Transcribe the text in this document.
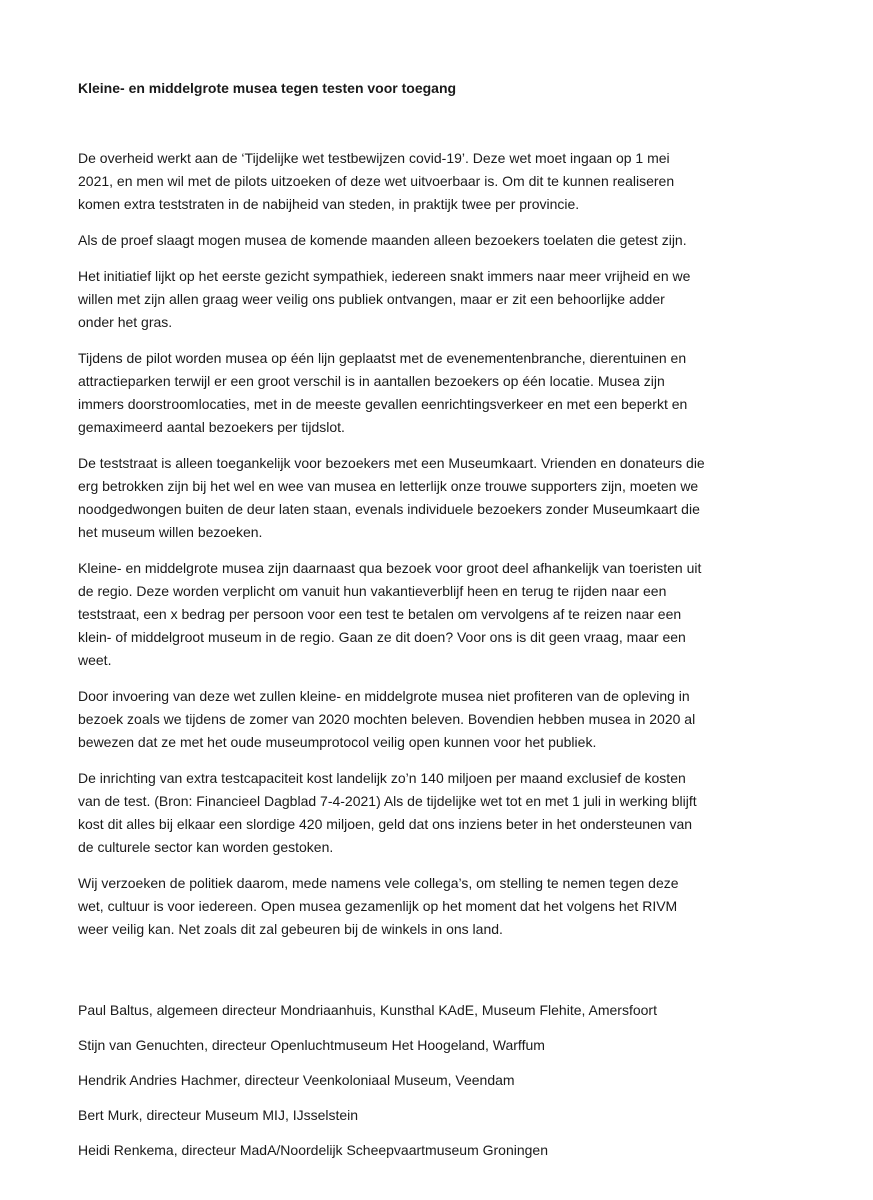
Kleine- en middelgrote musea tegen testen voor toegang

De overheid werkt aan de ‘Tijdelijke wet testbewijzen covid-19’. Deze wet moet ingaan op 1 mei
2021, en men wil met de pilots uitzoeken of deze wet uitvoerbaar is. Om dit te kunnen realiseren
komen extra teststraten in de nabijheid van steden, in praktijk twee per provincie.

Als de proef slaagt mogen musea de komende maanden alleen bezoekers toelaten die getest zijn.

Het initiatief lijkt op het eerste gezicht sympathiek, iedereen snakt immers naar meer vrijheid en we
willen met zijn allen graag weer veilig ons publiek ontvangen, maar er zit een behoorlijke adder
onder het gras.

Tijdens de pilot worden musea op één lijn geplaatst met de evenementenbranche, dierentuinen en
attractieparken terwijl er een groot verschil is in aantallen bezoekers op één locatie. Musea zijn
immers doorstroomlocaties, met in de meeste gevallen eenrichtingsverkeer en met een beperkt en
gemaximeerd aantal bezoekers per tijdslot.

De teststraat is alleen toegankelijk voor bezoekers met een Museumkaart. Vrienden en donateurs die
erg betrokken zijn bij het wel en wee van musea en letterlijk onze trouwe supporters zijn, moeten we
noodgedwongen buiten de deur laten staan, evenals individuele bezoekers zonder Museumkaart die
het museum willen bezoeken.

Kleine- en middelgrote musea zijn daarnaast qua bezoek voor groot deel afhankelijk van toeristen uit
de regio. Deze worden verplicht om vanuit hun vakantieverblijf heen en terug te rijden naar een
teststraat, een x bedrag per persoon voor een test te betalen om vervolgens af te reizen naar een
klein- of middelgroot museum in de regio. Gaan ze dit doen? Voor ons is dit geen vraag, maar een
weet.

Door invoering van deze wet zullen kleine- en middelgrote musea niet profiteren van de opleving in
bezoek zoals we tijdens de zomer van 2020 mochten beleven. Bovendien hebben musea in 2020 al
bewezen dat ze met het oude museumprotocol veilig open kunnen voor het publiek.

De inrichting van extra testcapaciteit kost landelijk zo’n 140 miljoen per maand exclusief de kosten
van de test. (Bron: Financieel Dagblad 7-4-2021) Als de tijdelijke wet tot en met 1 juli in werking blijft
kost dit alles bij elkaar een slordige 420 miljoen, geld dat ons inziens beter in het ondersteunen van
de culturele sector kan worden gestoken.

Wij verzoeken de politiek daarom, mede namens vele collega’s, om stelling te nemen tegen deze
wet, cultuur is voor iedereen. Open musea gezamenlijk op het moment dat het volgens het RIVM
weer veilig kan. Net zoals dit zal gebeuren bij de winkels in ons land.

Paul Baltus, algemeen directeur Mondriaanhuis, Kunsthal KAdE, Museum Flehite, Amersfoort
Stijn van Genuchten, directeur Openluchtmuseum Het Hoogeland, Warffum
Hendrik Andries Hachmer, directeur Veenkoloniaal Museum, Veendam
Bert Murk, directeur Museum MIJ, IJsselstein
Heidi Renkema, directeur MadA/Noordelijk Scheepvaartmuseum Groningen
